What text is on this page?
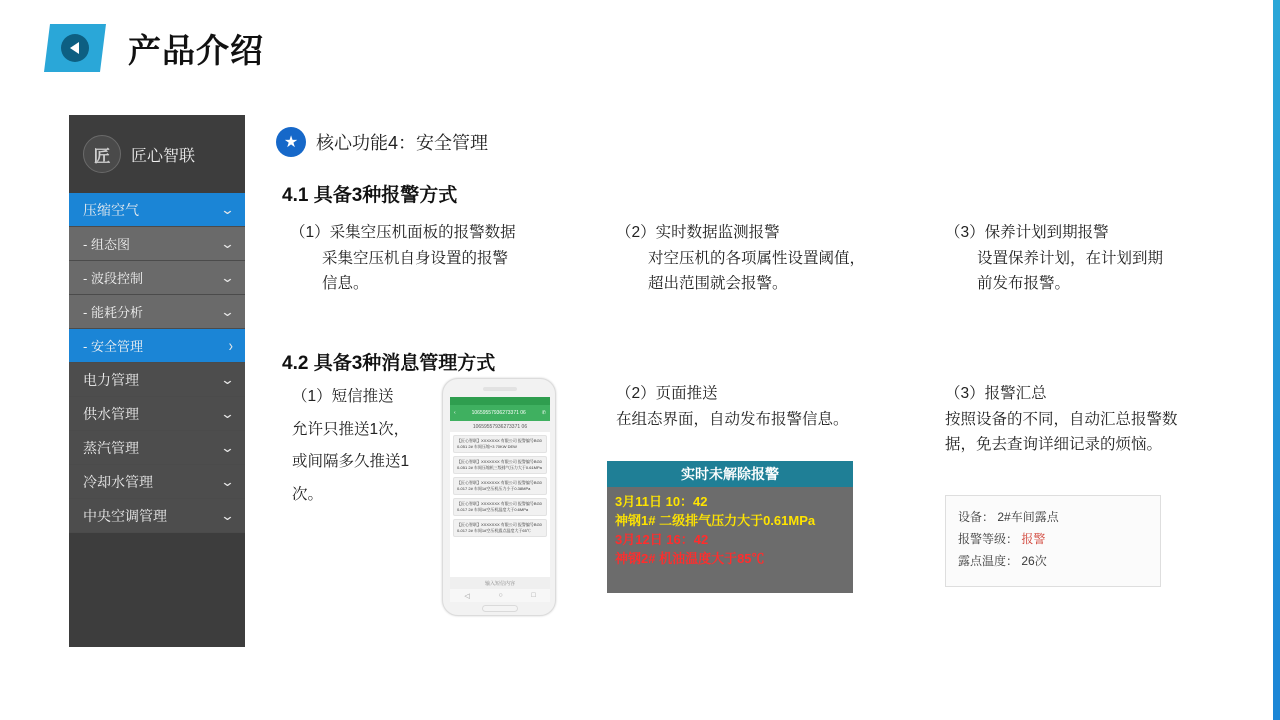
产品介绍
匠	匠心智联
压缩空气	⌄
- 组态图	⌄
- 波段控制	⌄
- 能耗分析	⌄
- 安全管理	›
电力管理	⌄
供水管理	⌄
蒸汽管理	⌄
冷却水管理	⌄
中央空调管理	⌄
★ 核心功能4：安全管理
4.1 具备3种报警方式
（1）采集空压机面板的报警数据
采集空压机自身设置的报警
信息。
（2）实时数据监测报警
对空压机的各项属性设置阈值，
超出范围就会报警。
（3）保养计划到期报警
设置保养计划，在计划到期
前发布报警。
4.2 具备3种消息管理方式
（1）短信推送
允许只推送1次，
或间隔多久推送1
次。
（2）页面推送
在组态界面，自动发布报警信息。
（3）报警汇总
按照设备的不同，自动汇总报警数
据，免去查询详细记录的烦恼。
‹	10659557936273371 06	✆
10659557936273371 06
【匠心智联】XXXXXXX 有限公司 报警编号BG00-051 2# 车间压缩+3 70KW DEW
【匠心智联】XXXXXXX 有限公司 报警编号BG00-051 2# 车间压缩机三级排气压力大于0.61MPa
【匠心智联】XXXXXXX 有限公司 报警编号BG00-017 2# 车间1#空压机压力小于0.38MPa
【匠心智联】XXXXXXX 有限公司 报警编号BG00-017 2# 车间1#空压机温度大于0.6MPa
【匠心智联】XXXXXXX 有限公司 报警编号BG00-017 2# 车间1#空压机露点温度大于65℃
输入短信内容
◁	○	□
实时未解除报警
3月11日 10：42
神钢1# 二级排气压力大于0.61MPa
3月12日 16：42
神钢2# 机油温度大于85℃
设备： 2#车间露点
报警等级： 报警
露点温度： 26次
